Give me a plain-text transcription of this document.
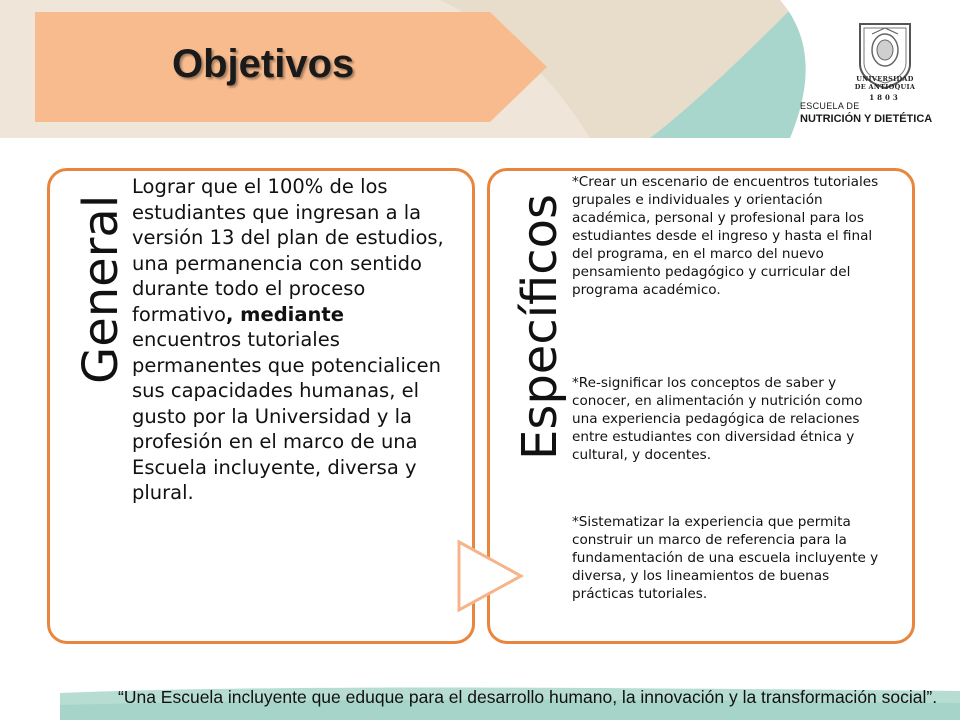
Objetivos	UNIVERSIDAD
DE ANTIOQUIA
1803
ESCUELA DE
NUTRICIÓN Y DIETÉTICA
General
Lograr que el 100% de los estudiantes que ingresan a la versión 13 del plan de estudios, una permanencia con sentido durante todo el proceso formativo, mediante encuentros tutoriales permanentes que potencialicen sus capacidades humanas, el gusto por la Universidad y la profesión en el marco de una Escuela incluyente, diversa y plural.
Específicos
*Crear un escenario de encuentros tutoriales grupales e individuales y orientación académica, personal y profesional para los estudiantes desde el ingreso y hasta el final del programa, en el marco del nuevo pensamiento pedagógico y curricular del programa académico.
*Re-significar los conceptos de saber y conocer, en alimentación y nutrición como una experiencia pedagógica de relaciones entre estudiantes con diversidad étnica y cultural, y docentes.
*Sistematizar la experiencia que permita construir un marco de referencia para la fundamentación de una escuela incluyente y diversa, y los lineamientos de buenas prácticas tutoriales.
“Una Escuela incluyente que eduque para el desarrollo humano, la innovación y la transformación social”.
